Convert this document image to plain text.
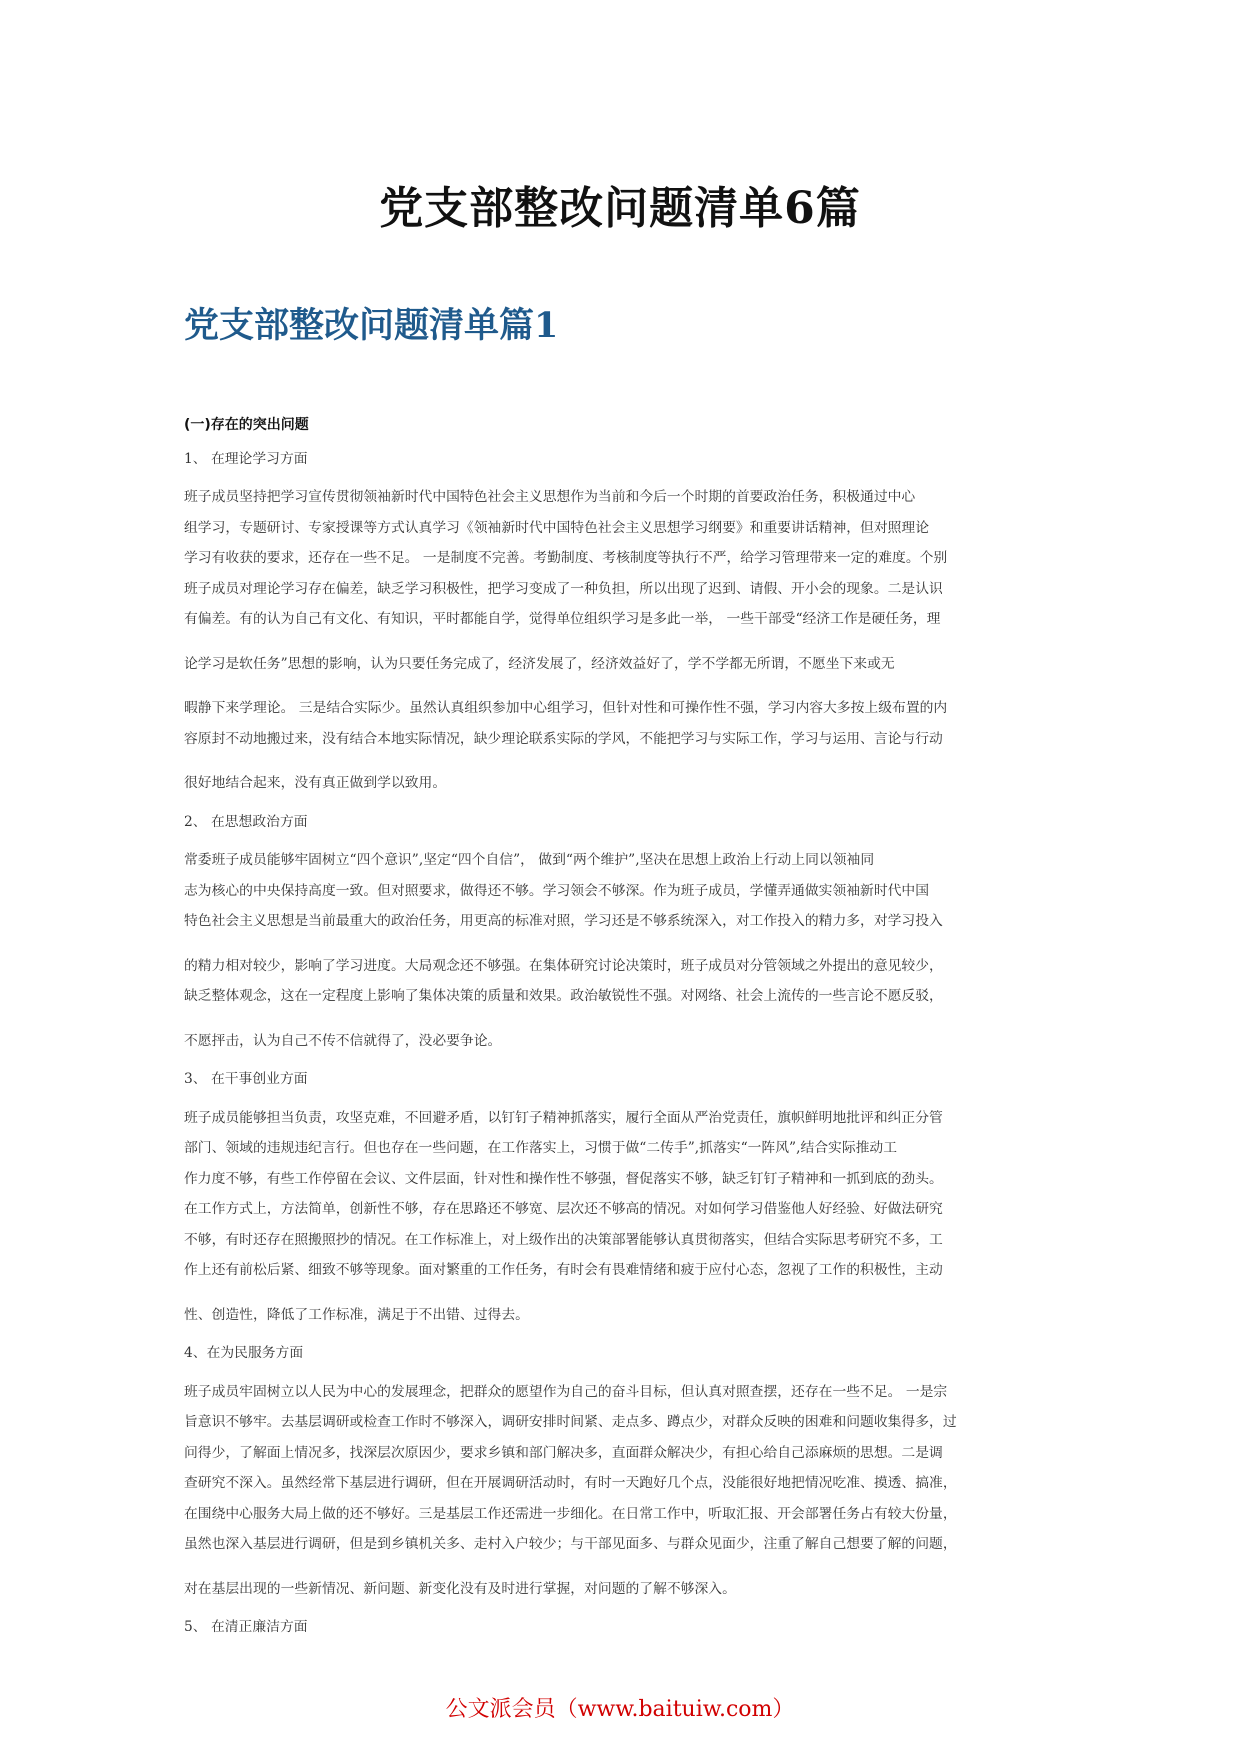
党支部整改问题清单6篇
党支部整改问题清单篇1

(一)存在的突出问题

1、 在理论学习方面

班子成员坚持把学习宣传贯彻领袖新时代中国特色社会主义思想作为当前和今后一个时期的首要政治任务，积极通过中心
组学习，专题研讨、专家授课等方式认真学习《领袖新时代中国特色社会主义思想学习纲要》和重要讲话精神，但对照理论
学习有收获的要求，还存在一些不足。 一是制度不完善。考勤制度、考核制度等执行不严，给学习管理带来一定的难度。个别
班子成员对理论学习存在偏差，缺乏学习积极性，把学习变成了一种负担，所以出现了迟到、请假、开小会的现象。二是认识
有偏差。有的认为自己有文化、有知识，平时都能自学，觉得单位组织学习是多此一举， 一些干部受“经济工作是硬任务，理
论学习是软任务”思想的影响，认为只要任务完成了，经济发展了，经济效益好了，学不学都无所谓，不愿坐下来或无
暇静下来学理论。 三是结合实际少。虽然认真组织参加中心组学习，但针对性和可操作性不强，学习内容大多按上级布置的内
容原封不动地搬过来，没有结合本地实际情况，缺少理论联系实际的学风，不能把学习与实际工作，学习与运用、言论与行动
很好地结合起来，没有真正做到学以致用。

2、 在思想政治方面

常委班子成员能够牢固树立“四个意识”,坚定“四个自信”， 做到“两个维护”,坚决在思想上政治上行动上同以领袖同
志为核心的中央保持高度一致。但对照要求，做得还不够。学习领会不够深。作为班子成员，学懂弄通做实领袖新时代中国
特色社会主义思想是当前最重大的政治任务，用更高的标准对照，学习还是不够系统深入，对工作投入的精力多，对学习投入
的精力相对较少，影响了学习进度。大局观念还不够强。在集体研究讨论决策时，班子成员对分管领域之外提出的意见较少，
缺乏整体观念，这在一定程度上影响了集体决策的质量和效果。政治敏锐性不强。对网络、社会上流传的一些言论不愿反驳，
不愿抨击，认为自己不传不信就得了，没必要争论。

3、 在干事创业方面

班子成员能够担当负责，攻坚克难，不回避矛盾，以钉钉子精神抓落实，履行全面从严治党责任，旗帜鲜明地批评和纠正分管
部门、领域的违规违纪言行。但也存在一些问题，在工作落实上，习惯于做“二传手”,抓落实“一阵风”,结合实际推动工
作力度不够，有些工作停留在会议、文件层面，针对性和操作性不够强，督促落实不够，缺乏钉钉子精神和一抓到底的劲头。
在工作方式上，方法简单，创新性不够，存在思路还不够宽、层次还不够高的情况。对如何学习借鉴他人好经验、好做法研究
不够，有时还存在照搬照抄的情况。在工作标准上，对上级作出的决策部署能够认真贯彻落实，但结合实际思考研究不多，工
作上还有前松后紧、细致不够等现象。面对繁重的工作任务，有时会有畏难情绪和疲于应付心态，忽视了工作的积极性，主动
性、创造性，降低了工作标准，满足于不出错、过得去。

4、在为民服务方面

班子成员牢固树立以人民为中心的发展理念，把群众的愿望作为自己的奋斗目标，但认真对照查摆，还存在一些不足。 一是宗
旨意识不够牢。去基层调研或检查工作时不够深入，调研安排时间紧、走点多、蹲点少，对群众反映的困难和问题收集得多，过
问得少，了解面上情况多，找深层次原因少，要求乡镇和部门解决多，直面群众解决少，有担心给自己添麻烦的思想。二是调
查研究不深入。虽然经常下基层进行调研，但在开展调研活动时，有时一天跑好几个点，没能很好地把情况吃准、摸透、搞准，
在围绕中心服务大局上做的还不够好。三是基层工作还需进一步细化。在日常工作中，听取汇报、开会部署任务占有较大份量，
虽然也深入基层进行调研，但是到乡镇机关多、走村入户较少；与干部见面多、与群众见面少，注重了解自己想要了解的问题，
对在基层出现的一些新情况、新问题、新变化没有及时进行掌握，对问题的了解不够深入。

5、 在清正廉洁方面

公文派会员（www.baituiw.com）
